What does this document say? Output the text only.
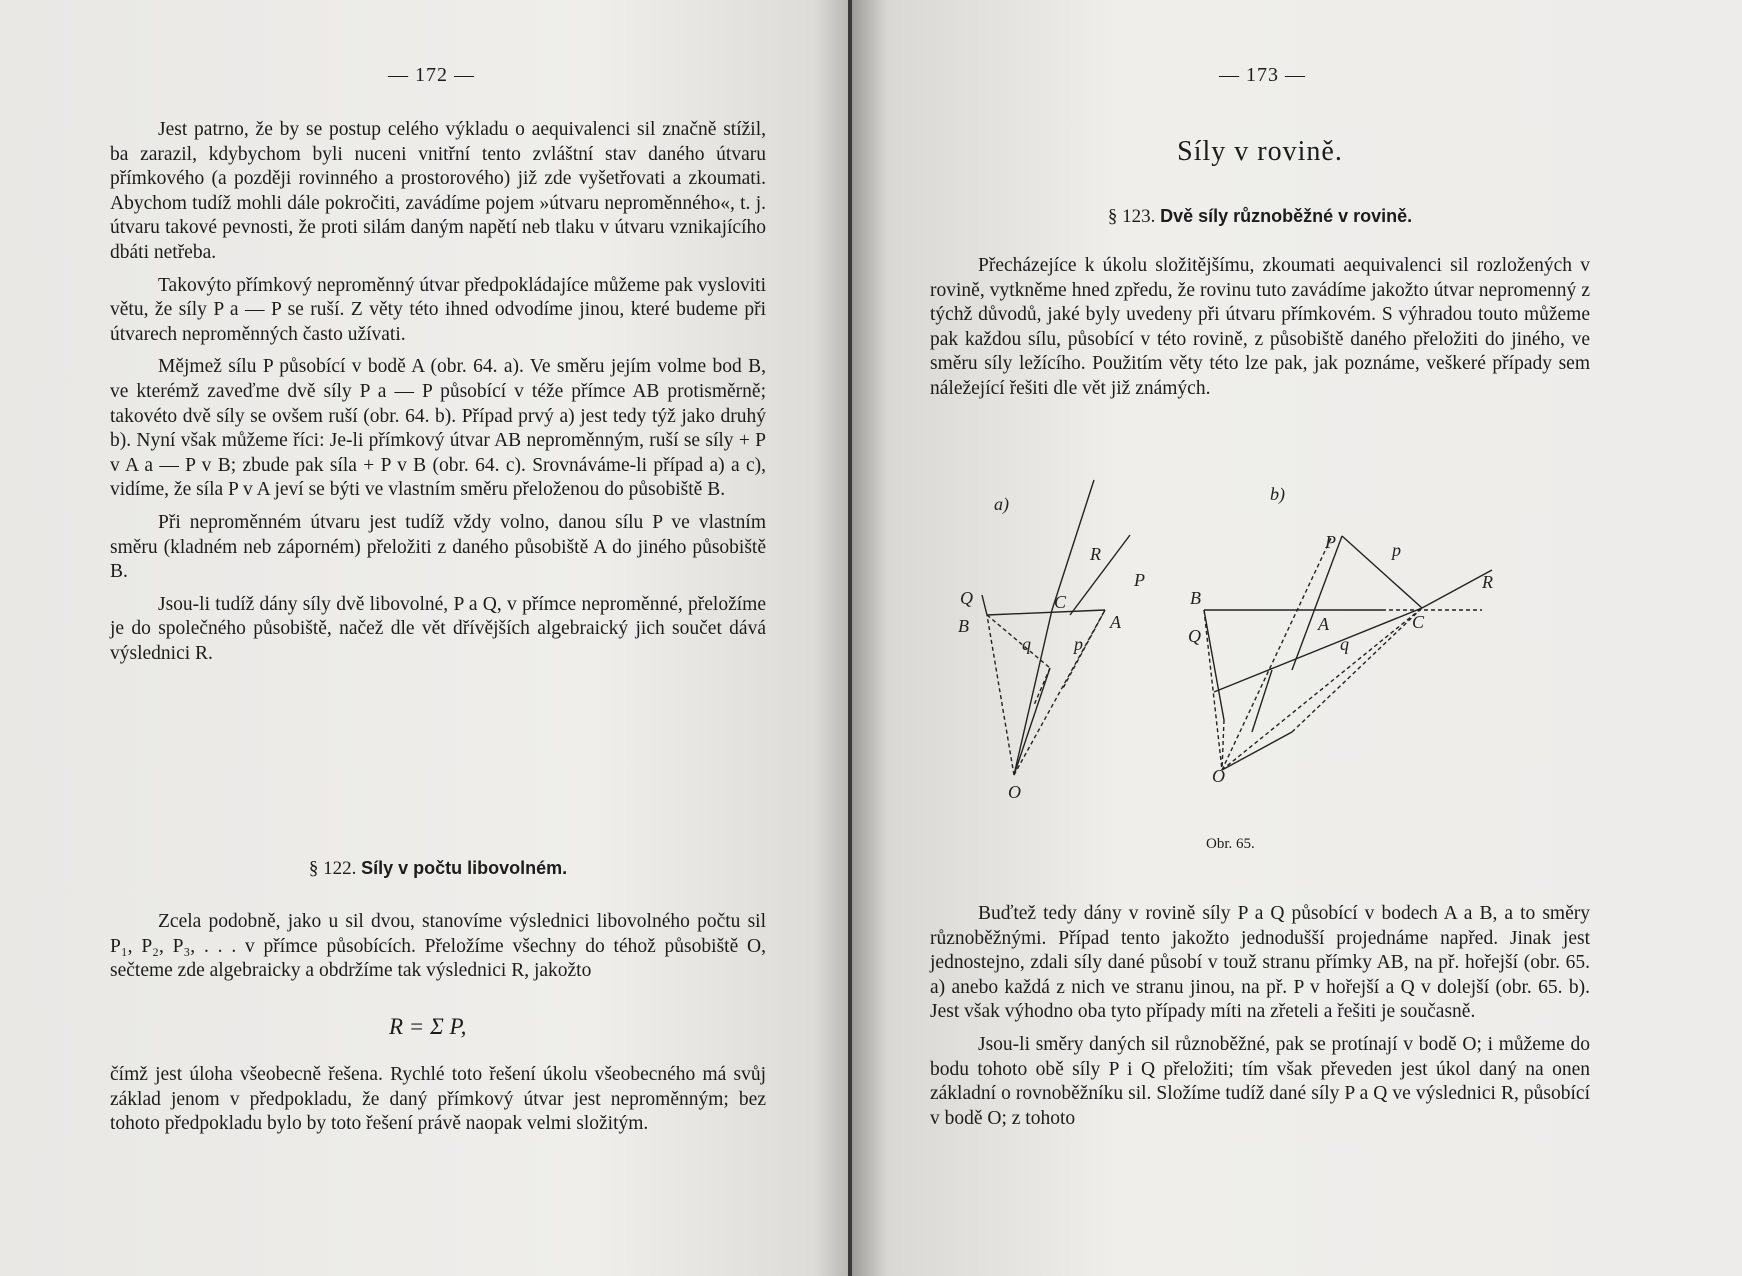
— 172 —

Jest patrno, že by se postup celého výkladu o aequivalenci sil značně stížil, ba zarazil, kdybychom byli nuceni vnitřní tento zvláštní stav daného útvaru přímkového (a později rovinného a prostorového) již zde vyšetřovati a zkoumati. Abychom tudíž mohli dále pokročiti, zavádíme pojem »útvaru neproměnného«, t. j. útvaru takové pevnosti, že proti silám daným napětí neb tlaku v útvaru vznikajícího dbáti netřeba.

Takovýto přímkový neproměnný útvar předpokládajíce můžeme pak vysloviti větu, že síly P a — P se ruší. Z věty této ihned odvodíme jinou, které budeme při útvarech neproměnných často užívati.

Mějmež sílu P působící v bodě A (obr. 64. a). Ve směru jejím volme bod B, ve kterémž zaveďme dvě síly P a — P působící v téže přímce AB protisměrně; takovéto dvě síly se ovšem ruší (obr. 64. b). Případ prvý a) jest tedy týž jako druhý b). Nyní však můžeme říci: Je-li přímkový útvar AB neproměnným, ruší se síly + P v A a — P v B; zbude pak síla + P v B (obr. 64. c). Srovnáváme-li případ a) a c), vidíme, že síla P v A jeví se býti ve vlastním směru přeloženou do působiště B.

Při neproměnném útvaru jest tudíž vždy volno, danou sílu P ve vlastním směru (kladném neb záporném) přeložiti z daného působiště A do jiného působiště B.

Jsou-li tudíž dány síly dvě libovolné, P a Q, v přímce neproměnné, přeložíme je do společného působiště, načež dle vět dřívějších algebraický jich součet dává výslednici R.

§ 122. Síly v počtu libovolném.

Zcela podobně, jako u sil dvou, stanovíme výslednici libovolného počtu sil P₁, P₂, P₃, . . . v přímce působících. Přeložíme všechny do téhož působiště O, sečteme zde algebraicky a obdržíme tak výslednici R, jakožto

R = Σ P,

čímž jest úloha všeobecně řešena. Rychlé toto řešení úkolu všeobecného má svůj základ jenom v předpokladu, že daný přímkový útvar jest neproměnným; bez tohoto předpokladu bylo by toto řešení právě naopak velmi složitým.

— 173 —
Síly v rovině.
§ 123. Dvě síly různoběžné v rovině.

Přecházejíce k úkolu složitějšímu, zkoumati aequivalenci sil rozložených v rovině, vytkněme hned zpředu, že rovinu tuto zavádíme jakožto útvar nepromenný z týchž důvodů, jaké byly uvedeny při útvaru přímkovém. S výhradou touto můžeme pak každou sílu, působící v této rovině, z působiště daného přeložiti do jiného, ve směru síly ležícího. Použitím věty této lze pak, jak poznáme, veškeré případy sem náležející řešiti dle vět již známých.

a)
R
P
Q	C
A
B
q p
O
b)
B
Q
P	p
R
C
A
q
O
Obr. 65.

Buďtež tedy dány v rovině síly P a Q působící v bodech A a B, a to směry různoběžnými. Případ tento jakožto jednodušší projednáme napřed. Jinak jest jednostejno, zdali síly dané působí v touž stranu přímky AB, na př. hořejší (obr. 65. a) anebo každá z nich ve stranu jinou, na př. P v hořejší a Q v dolejší (obr. 65. b). Jest však výhodno oba tyto případy míti na zřeteli a řešiti je současně.

Jsou-li směry daných sil různoběžné, pak se protínají v bodě O; i můžeme do bodu tohoto obě síly P i Q přeložiti; tím však převeden jest úkol daný na onen základní o rovnoběžníku sil. Složíme tudíž dané síly P a Q ve výslednici R, působící v bodě O; z tohoto
